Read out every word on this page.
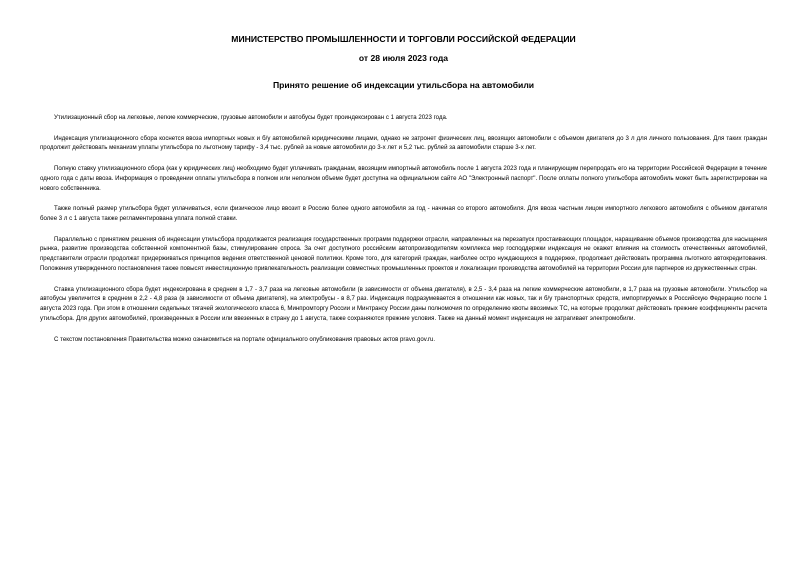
МИНИСТЕРСТВО ПРОМЫШЛЕННОСТИ И ТОРГОВЛИ РОССИЙСКОЙ ФЕДЕРАЦИИ

от 28 июля 2023 года

Принято решение об индексации утильсбора на автомобили

Утилизационный сбор на легковые, легкие коммерческие, грузовые автомобили и автобусы будет проиндексирован с 1 августа 2023 года.

Индексация утилизационного сбора коснется ввоза импортных новых и б/у автомобилей юридическими лицами, однако не затронет физических лиц, ввозящих автомобили с объемом двигателя до 3 л для личного пользования. Для таких граждан продолжит действовать механизм уплаты утильсбора по льготному тарифу - 3,4 тыс. рублей за новые автомобили до 3-х лет и 5,2 тыс. рублей за автомобили старше 3-х лет.

Полную ставку утилизационного сбора (как у юридических лиц) необходимо будет уплачивать гражданам, ввозящим импортный автомобиль после 1 августа 2023 года и планирующим перепродать его на территории Российской Федерации в течение одного года с даты ввоза. Информация о проведении оплаты утильсбора в полном или неполном объеме будет доступна на официальном сайте АО "Электронный паспорт". После оплаты полного утильсбора автомобиль может быть зарегистрирован на нового собственника.

Также полный размер утильсбора будет уплачиваться, если физическое лицо ввозит в Россию более одного автомобиля за год - начиная со второго автомобиля. Для ввоза частным лицом импортного легкового автомобиля с объемом двигателя более 3 л с 1 августа также регламентирована уплата полной ставки.

Параллельно с принятием решения об индексации утильсбора продолжается реализация государственных программ поддержки отрасли, направленных на перезапуск простаивающих площадок, наращивание объемов производства для насыщения рынка, развитие производства собственной компонентной базы, стимулирование спроса. За счет доступного российским автопроизводителям комплекса мер господдержки индексация не окажет влияния на стоимость отечественных автомобилей, представители отрасли продолжат придерживаться принципов ведения ответственной ценовой политики. Кроме того, для категорий граждан, наиболее остро нуждающихся в поддержке, продолжает действовать программа льготного автокредитования. Положения утвержденного постановления также повысят инвестиционную привлекательность реализации совместных промышленных проектов и локализации производства автомобилей на территории России для партнеров из дружественных стран.

Ставка утилизационного сбора будет индексирована в среднем в 1,7 - 3,7 раза на легковые автомобили (в зависимости от объема двигателя), в 2,5 - 3,4 раза на легкие коммерческие автомобили, в 1,7 раза на грузовые автомобили. Утильсбор на автобусы увеличится в среднем в 2,2 - 4,8 раза (в зависимости от объема двигателя), на электробусы - в 8,7 раз. Индексация подразумевается в отношении как новых, так и б/у транспортных средств, импортируемых в Российскую Федерацию после 1 августа 2023 года. При этом в отношении седельных тягачей экологического класса 6, Минпромторгу России и Минтрансу России даны полномочия по определению квоты ввозимых ТС, на которые продолжат действовать прежние коэффициенты расчета утильсбора. Для других автомобилей, произведенных в России или ввезенных в страну до 1 августа, также сохраняются прежние условия. Также на данный момент индексация не затрагивает электромобили.

С текстом постановления Правительства можно ознакомиться на портале официального опубликования правовых актов pravo.gov.ru.
